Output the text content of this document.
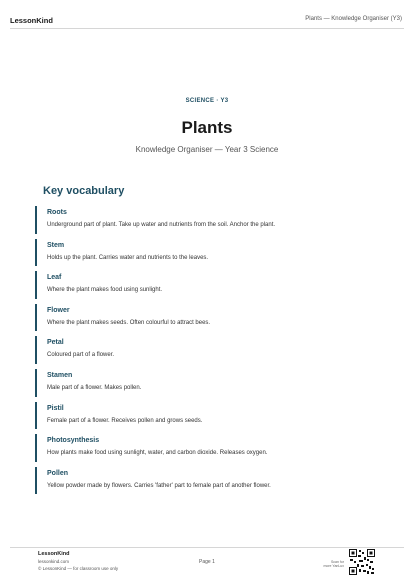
LessonKind	Plants — Knowledge Organiser (Y3)
SCIENCE · Y3
Plants
Knowledge Organiser — Year 3 Science
Key vocabulary
Roots
Underground part of plant. Take up water and nutrients from the soil. Anchor the plant.
Stem
Holds up the plant. Carries water and nutrients to the leaves.
Leaf
Where the plant makes food using sunlight.
Flower
Where the plant makes seeds. Often colourful to attract bees.
Petal
Coloured part of a flower.
Stamen
Male part of a flower. Makes pollen.
Pistil
Female part of a flower. Receives pollen and grows seeds.
Photosynthesis
How plants make food using sunlight, water, and carbon dioxide. Releases oxygen.
Pollen
Yellow powder made by flowers. Carries 'father' part to female part of another flower.
LessonKind
lessonkind.com
© LessonKind — for classroom use only
Page 1	Scan for
more YanLux
